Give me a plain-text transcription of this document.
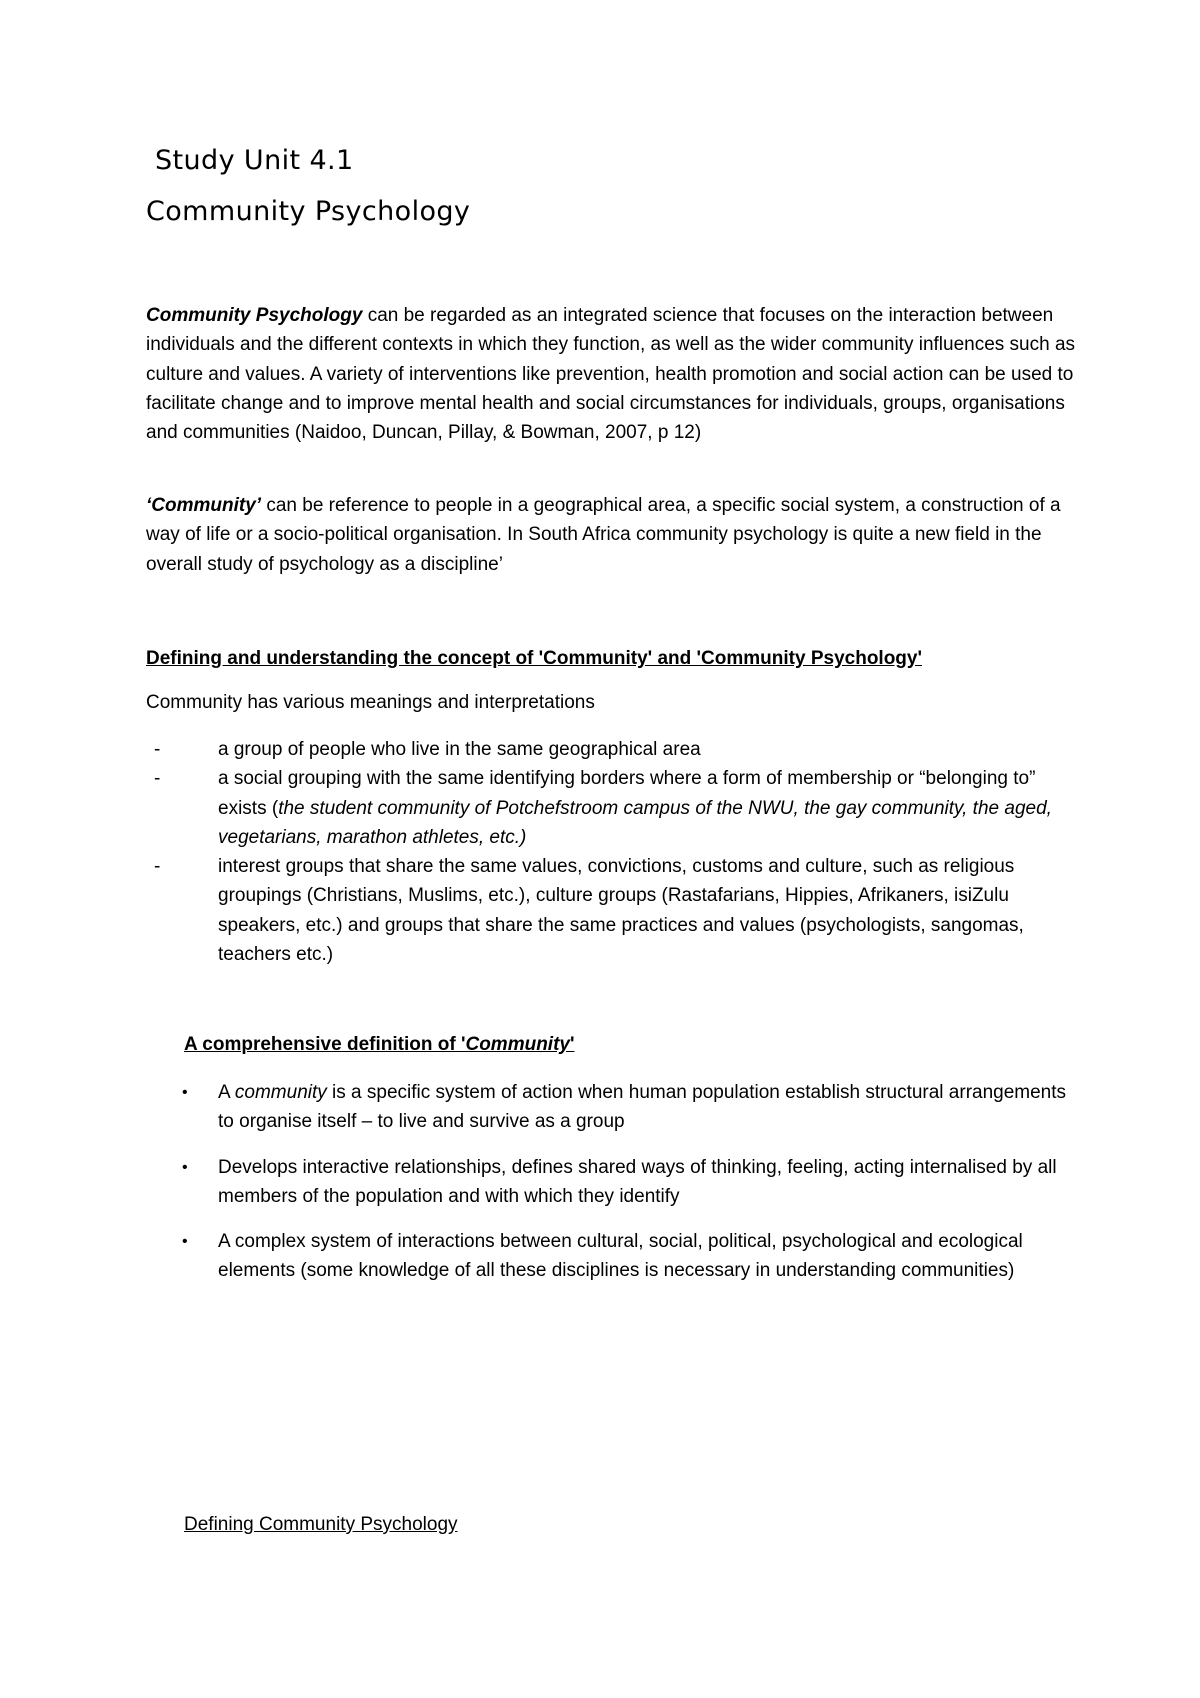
Study Unit 4.1
Community Psychology
Community Psychology can be regarded as an integrated science that focuses on the interaction between individuals and the different contexts in which they function, as well as the wider community influences such as culture and values. A variety of interventions like prevention, health promotion and social action can be used to facilitate change and to improve mental health and social circumstances for individuals, groups, organisations and communities (Naidoo, Duncan, Pillay, & Bowman, 2007, p 12)
‘Community’ can be reference to people in a geographical area, a specific social system, a construction of a way of life or a socio-political organisation. In South Africa community psychology is quite a new field in the overall study of psychology as a discipline’
Defining and understanding the concept of 'Community' and 'Community Psychology'
Community has various meanings and interpretations
-	a group of people who live in the same geographical area
-	a social grouping with the same identifying borders where a form of membership or “belonging to” exists (the student community of Potchefstroom campus of the NWU, the gay community, the aged, vegetarians, marathon athletes, etc.)
-	interest groups that share the same values, convictions, customs and culture, such as religious groupings (Christians, Muslims, etc.), culture groups (Rastafarians, Hippies, Afrikaners, isiZulu speakers, etc.) and groups that share the same practices and values (psychologists, sangomas, teachers etc.)
A comprehensive definition of 'Community'
• A community is a specific system of action when human population establish structural arrangements to organise itself – to live and survive as a group
• Develops interactive relationships, defines shared ways of thinking, feeling, acting internalised by all members of the population and with which they identify
• A complex system of interactions between cultural, social, political, psychological and ecological elements (some knowledge of all these disciplines is necessary in understanding communities)
Defining Community Psychology
